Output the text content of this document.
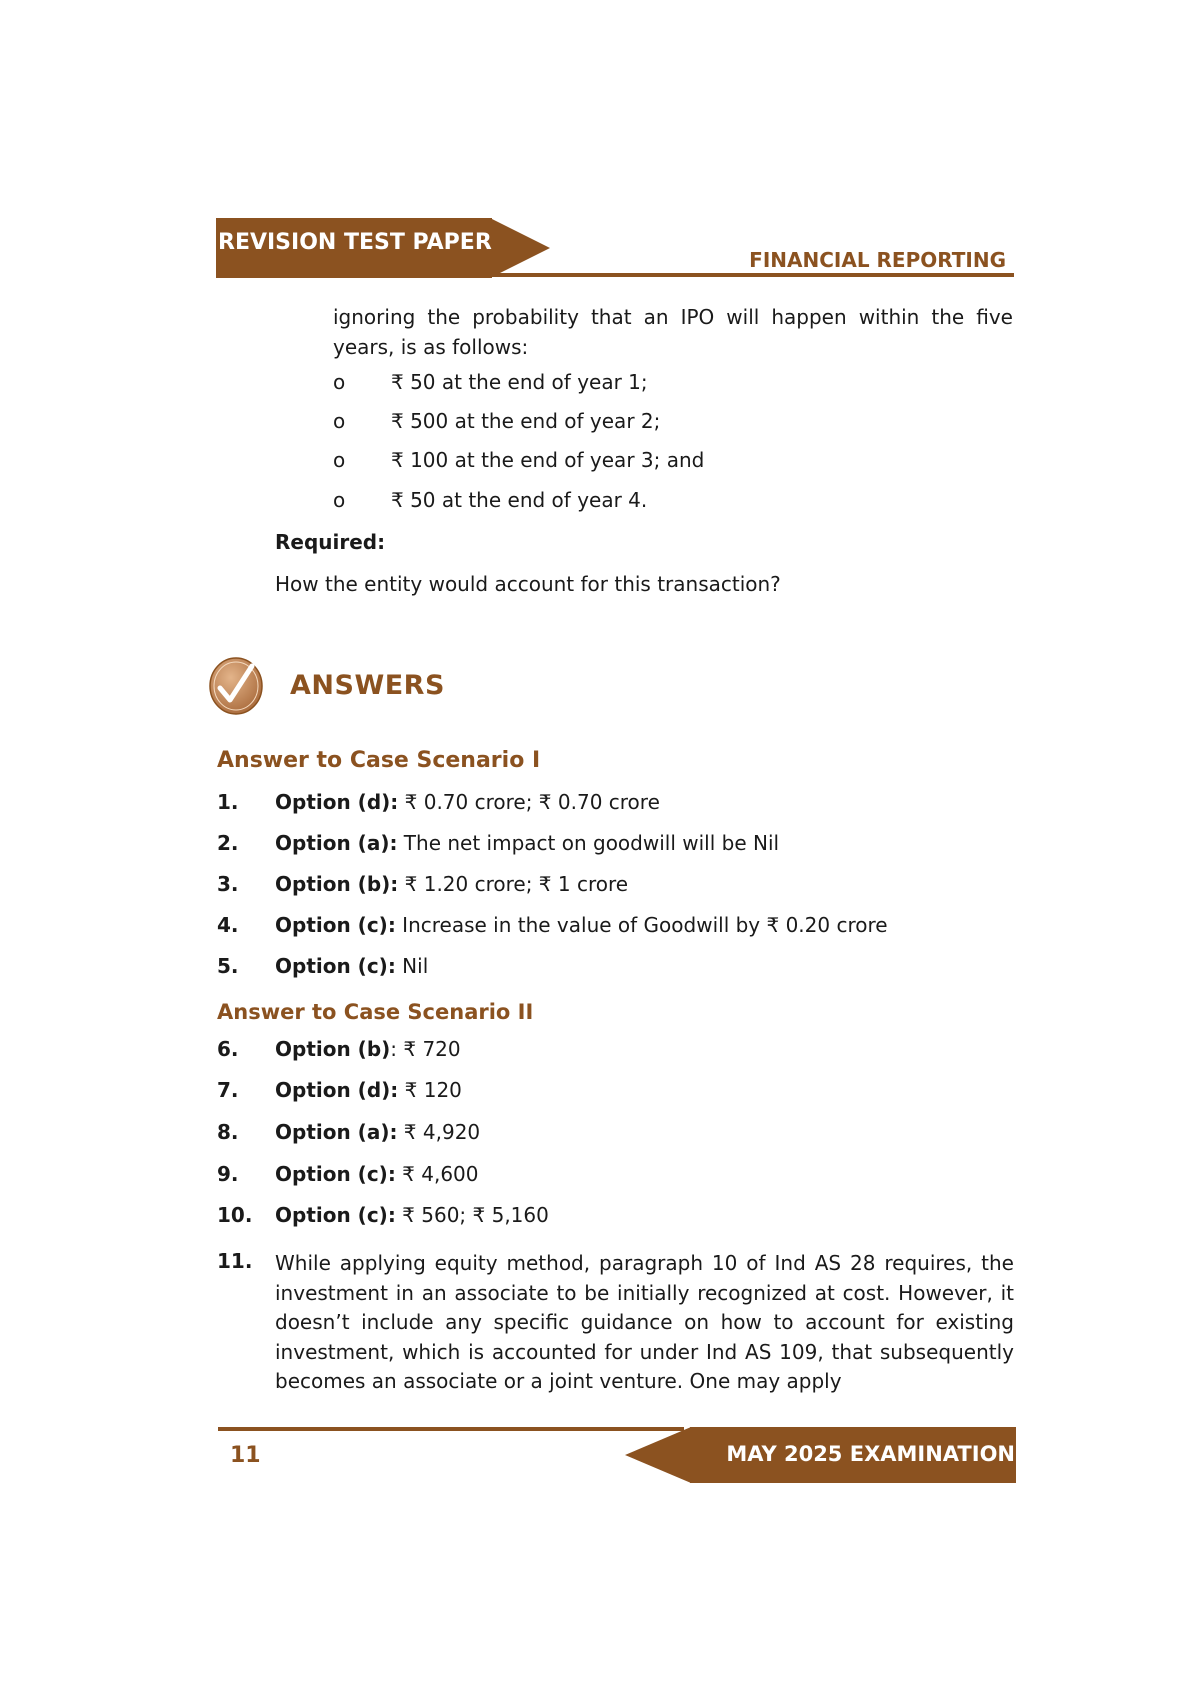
REVISION TEST PAPER
FINANCIAL REPORTING
ignoring the probability that an IPO will happen within the five years, is as follows:
o ₹ 50 at the end of year 1;
o ₹ 500 at the end of year 2;
o ₹ 100 at the end of year 3; and
o ₹ 50 at the end of year 4.
Required:
How the entity would account for this transaction?
ANSWERS
Answer to Case Scenario I
1. Option (d): ₹ 0.70 crore; ₹ 0.70 crore
2. Option (a): The net impact on goodwill will be Nil
3. Option (b): ₹ 1.20 crore; ₹ 1 crore
4. Option (c): Increase in the value of Goodwill by ₹ 0.20 crore
5. Option (c): Nil
Answer to Case Scenario II
6. Option (b): ₹ 720
7. Option (d): ₹ 120
8. Option (a): ₹ 4,920
9. Option (c): ₹ 4,600
10. Option (c): ₹ 560; ₹ 5,160
11. While applying equity method, paragraph 10 of Ind AS 28 requires, the investment in an associate to be initially recognized at cost. However, it doesn’t include any specific guidance on how to account for existing investment, which is accounted for under Ind AS 109, that subsequently becomes an associate or a joint venture. One may apply
11	MAY 2025 EXAMINATION
